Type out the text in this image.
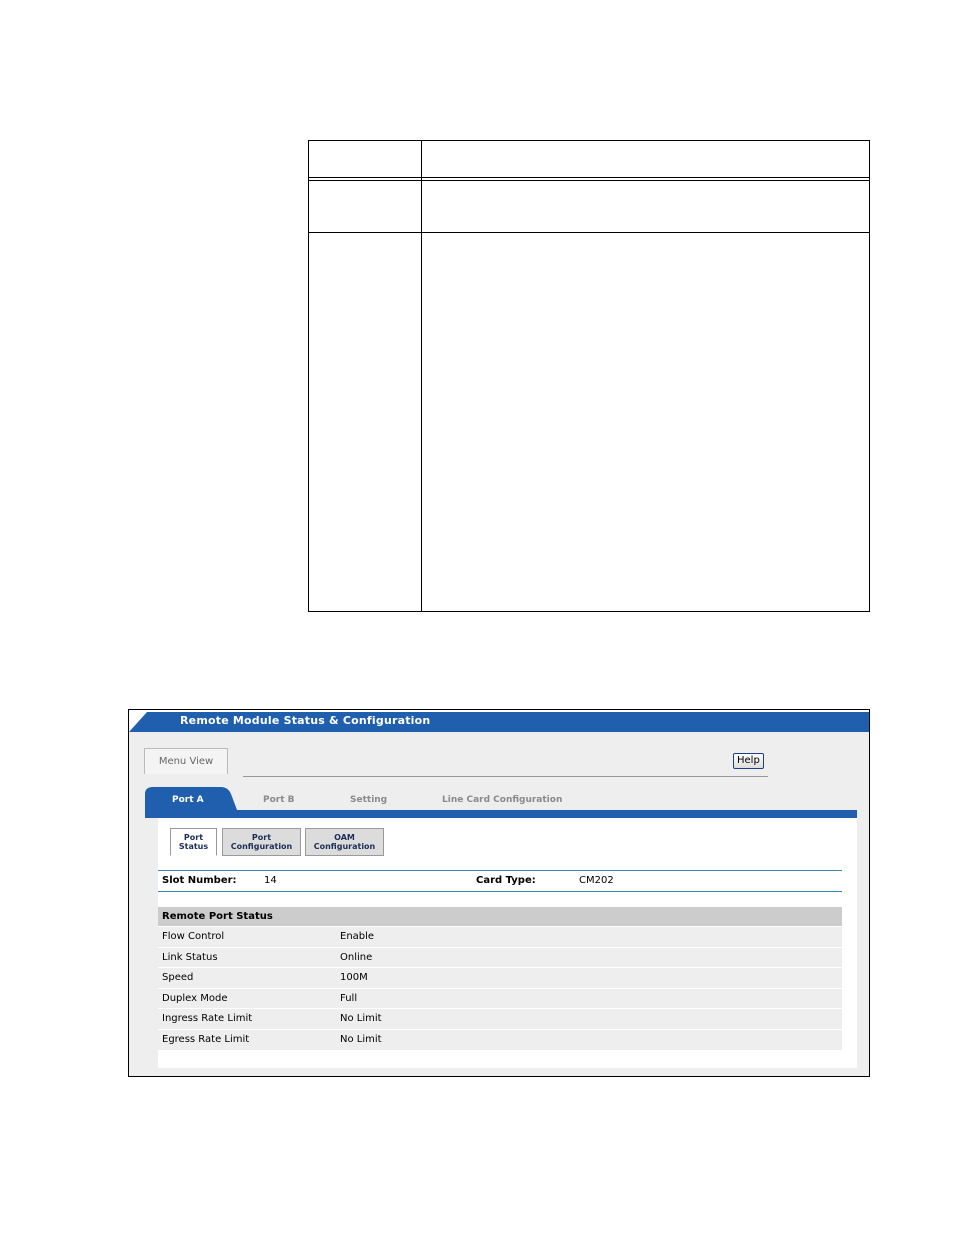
Remote Module Status & Configuration
Menu View	Help
Port A	Port B	Setting	Line Card Configuration
Port
Status
Port
Configuration
OAM
Configuration
Slot Number:	14	Card Type:	CM202
Remote Port Status
Flow Control	Enable
Link Status	Online
Speed	100M
Duplex Mode	Full
Ingress Rate Limit	No Limit
Egress Rate Limit	No Limit
